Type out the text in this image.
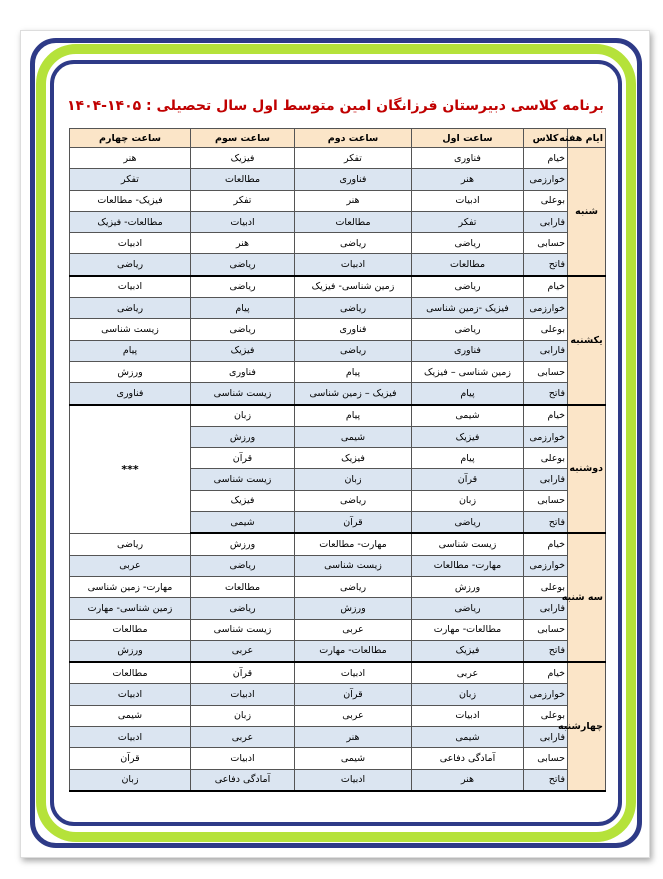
برنامه کلاسی دبیرستان فرزانگان امین متوسط اول سال تحصیلی : ۱۴۰۵-۱۴۰۴
ایام هفته	کلاس	ساعت اول	ساعت دوم	ساعت سوم	ساعت چهارم
شنبه	خیام	فناوری	تفکر	فیزیک	هنر
	خوارزمی	هنر	فناوری	مطالعات	تفکر
	بوعلی	ادبیات	هنر	تفکر	فیزیک- مطالعات
	فارابی	تفکر	مطالعات	ادبیات	مطالعات- فیزیک
	حسابی	ریاضی	ریاضی	هنر	ادبیات
	فاتح	مطالعات	ادبیات	ریاضی	ریاضی
یکشنبه	خیام	ریاضی	زمین شناسی- فیزیک	ریاضی	ادبیات
	خوارزمی	فیزیک -زمین شناسی	ریاضی	پیام	ریاضی
	بوعلی	ریاضی	فناوری	ریاضی	زیست شناسی
	فارابی	فناوری	ریاضی	فیزیک	پیام
	حسابی	زمین شناسی – فیزیک	پیام	فناوری	ورزش
	فاتح	پیام	فیزیک – زمین شناسی	زیست شناسی	فناوری
دوشنبه	خیام	شیمی	پیام	زبان	***
	خوارزمی	فیزیک	شیمی	ورزش	
	بوعلی	پیام	فیزیک	قرآن	
	فارابی	قرآن	زبان	زیست شناسی	
	حسابی	زبان	ریاضی	فیزیک	
	فاتح	ریاضی	قرآن	شیمی	
سه شنبه	خیام	زیست شناسی	مهارت- مطالعات	ورزش	ریاضی
	خوارزمی	مهارت- مطالعات	زیست شناسی	ریاضی	عربی
	بوعلی	ورزش	ریاضی	مطالعات	مهارت- زمین شناسی
	فارابی	ریاضی	ورزش	ریاضی	زمین شناسی- مهارت
	حسابی	مطالعات- مهارت	عربی	زیست شناسی	مطالعات
	فاتح	فیزیک	مطالعات- مهارت	عربی	ورزش
چهارشنبه	خیام	عربی	ادبیات	قرآن	مطالعات
	خوارزمی	زبان	قرآن	ادبیات	ادبیات
	بوعلی	ادبیات	عربی	زبان	شیمی
	فارابی	شیمی	هنر	عربی	ادبیات
	حسابی	آمادگی دفاعی	شیمی	ادبیات	قرآن
	فاتح	هنر	ادبیات	آمادگی دفاعی	زبان
